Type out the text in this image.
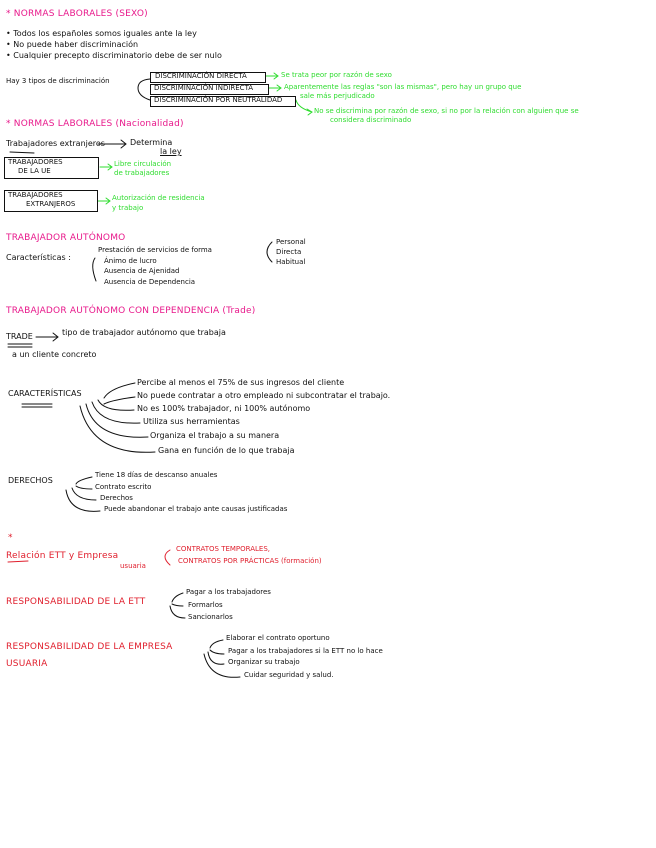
* NORMAS LABORALES (SEXO)
• Todos los españoles somos iguales ante la ley
• No puede haber discriminación
• Cualquier precepto discriminatorio debe de ser nulo
Hay 3 tipos de discriminación
DISCRIMINACIÓN DIRECTA
DISCRIMINACIÓN INDIRECTA
DISCRIMINACIÓN POR NEUTRALIDAD
Se trata peor por razón de sexo
Aparentemente las reglas "son las mismas", pero hay un grupo que
sale más perjudicado
No se discrimina por razón de sexo, si no por la relación con alguien que se
considera discriminado
* NORMAS LABORALES (Nacionalidad)
Trabajadores extranjeros	Determina
la ley
TRABAJADORES
DE LA UE
Libre circulación
de trabajadores
TRABAJADORES
EXTRANJEROS
Autorización de residencia
y trabajo
TRABAJADOR AUTÓNOMO
Características :
Prestación de servicios de forma
Ánimo de lucro
Ausencia de Ajenidad
Ausencia de Dependencia
Personal
Directa
Habitual
TRABAJADOR AUTÓNOMO CON DEPENDENCIA (Trade)
TRADE	tipo de trabajador autónomo que trabaja
a un cliente concreto
CARACTERÍSTICAS
Percibe al menos el 75% de sus ingresos del cliente
No puede contratar a otro empleado ni subcontratar el trabajo.
No es 100% trabajador, ni 100% autónomo
Utiliza sus herramientas
Organiza el trabajo a su manera
Gana en función de lo que trabaja
DERECHOS
Tiene 18 días de descanso anuales
Contrato escrito
Derechos
Puede abandonar el trabajo ante causas justificadas
*
Relación ETT y Empresa
usuaria
CONTRATOS TEMPORALES,
CONTRATOS POR PRÁCTICAS (formación)
RESPONSABILIDAD DE LA ETT
Pagar a los trabajadores
Formarlos
Sancionarlos
RESPONSABILIDAD DE LA EMPRESA
USUARIA
Elaborar el contrato oportuno
Pagar a los trabajadores si la ETT no lo hace
Organizar su trabajo
Cuidar seguridad y salud.
